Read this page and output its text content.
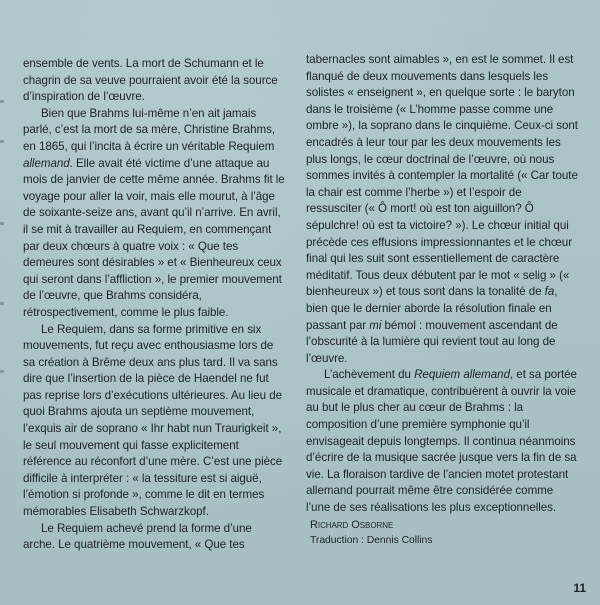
ensemble de vents. La mort de Schumann et le chagrin de sa veuve pourraient avoir été la source d’inspiration de l’œuvre.

Bien que Brahms lui-même n’en ait jamais parlé, c’est la mort de sa mère, Christine Brahms, en 1865, qui l’incita à écrire un véritable Requiem allemand. Elle avait été victime d’une attaque au mois de janvier de cette même année. Brahms fit le voyage pour aller la voir, mais elle mourut, à l’âge de soixante-seize ans, avant qu’il n’arrive. En avril, il se mit à travailler au Requiem, en commençant par deux chœurs à quatre voix : « Que tes demeures sont désirables » et « Bienheureux ceux qui seront dans l’affliction », le premier mouvement de l’œuvre, que Brahms considéra, rétrospectivement, comme le plus faible.

Le Requiem, dans sa forme primitive en six mouvements, fut reçu avec enthousiasme lors de sa création à Brême deux ans plus tard. Il va sans dire que l’insertion de la pièce de Haendel ne fut pas reprise lors d’exécutions ultérieures. Au lieu de quoi Brahms ajouta un septième mouvement, l’exquis air de soprano « Ihr habt nun Traurigkeit », le seul mouvement qui fasse explicitement référence au réconfort d’une mère. C’est une pièce difficile à interpréter : « la tessiture est si aiguë, l’émotion si profonde », comme le dit en termes mémorables Elisabeth Schwarzkopf.

Le Requiem achevé prend la forme d’une arche. Le quatrième mouvement, « Que tes

tabernacles sont aimables », en est le sommet. Il est flanqué de deux mouvements dans lesquels les solistes « enseignent », en quelque sorte : le baryton dans le troisième (« L’homme passe comme une ombre »), la soprano dans le cinquième. Ceux-ci sont encadrés à leur tour par les deux mouvements les plus longs, le cœur doctrinal de l’œuvre, où nous sommes invités à contempler la mortalité (« Car toute la chair est comme l’herbe ») et l’espoir de ressusciter (« Ô mort! où est ton aiguillon? Ô sépulchre! où est ta victoire? »). Le chœur initial qui précède ces effusions impressionnantes et le chœur final qui les suit sont essentiellement de caractère méditatif. Tous deux débutent par le mot « selig » (« bienheureux ») et tous sont dans la tonalité de fa, bien que le dernier aborde la résolution finale en passant par mi bémol : mouvement ascendant de l’obscurité à la lumière qui revient tout au long de l’œuvre.

L’achèvement du Requiem allemand, et sa portée musicale et dramatique, contribuèrent à ouvrir la voie au but le plus cher au cœur de Brahms : la composition d’une première symphonie qu’il envisageait depuis longtemps. Il continua néanmoins d’écrire de la musique sacrée jusque vers la fin de sa vie. La floraison tardive de l’ancien motet protestant allemand pourrait même être considérée comme l’une de ses réalisations les plus exceptionnelles.

Richard Osborne

Traduction : Dennis Collins

11
